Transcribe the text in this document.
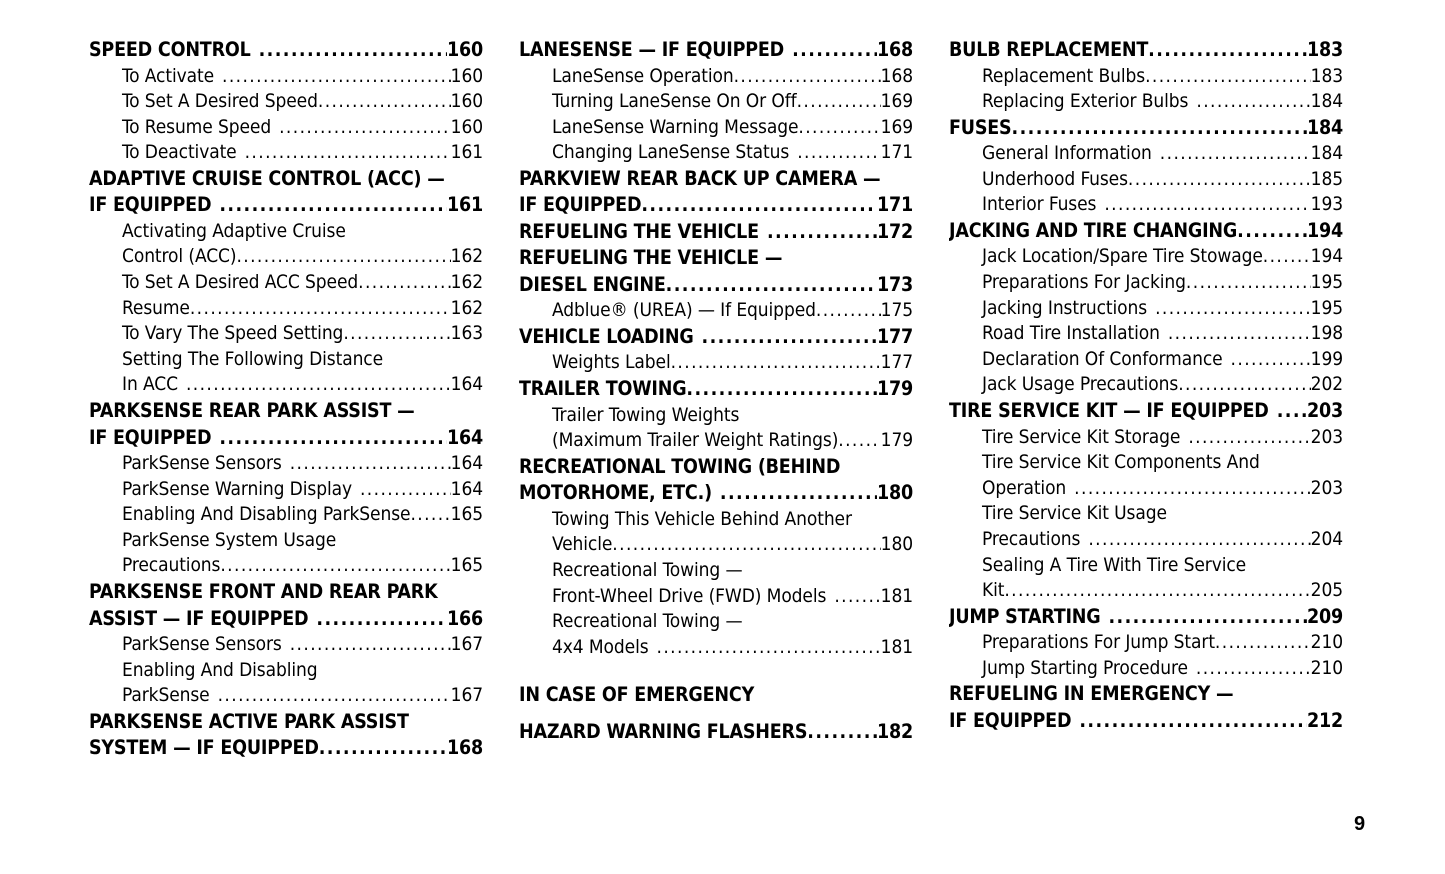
SPEED CONTROL .....	160
To Activate .....	160
To Set A Desired Speed .....	160
To Resume Speed .....	160
To Deactivate .....	161
ADAPTIVE CRUISE CONTROL (ACC) —
IF EQUIPPED .....	161
Activating Adaptive Cruise
Control (ACC) .....	162
To Set A Desired ACC Speed .....	162
Resume .....	162
To Vary The Speed Setting .....	163
Setting The Following Distance
In ACC .....	164
PARKSENSE REAR PARK ASSIST —
IF EQUIPPED .....	164
ParkSense Sensors .....	164
ParkSense Warning Display .....	164
Enabling And Disabling ParkSense ..... 165
ParkSense System Usage
Precautions .....	165
PARKSENSE FRONT AND REAR PARK
ASSIST — IF EQUIPPED .....	166
ParkSense Sensors .....	167
Enabling And Disabling
ParkSense .....	167
PARKSENSE ACTIVE PARK ASSIST
SYSTEM — IF EQUIPPED .....	168
LANESENSE — IF EQUIPPED .....	168
LaneSense Operation .....	168
Turning LaneSense On Or Off .....	169
LaneSense Warning Message .....	169
Changing LaneSense Status .....	171
PARKVIEW REAR BACK UP CAMERA —
IF EQUIPPED .....	171
REFUELING THE VEHICLE .....	172
REFUELING THE VEHICLE —
DIESEL ENGINE .....	173
Adblue® (UREA) — If Equipped .....	175
VEHICLE LOADING .....	177
Weights Label .....	177
TRAILER TOWING .....	179
Trailer Towing Weights
(Maximum Trailer Weight Ratings) ..... 179
RECREATIONAL TOWING (BEHIND
MOTORHOME, ETC.) .....	180
Towing This Vehicle Behind Another
Vehicle .....	180
Recreational Towing —
Front-Wheel Drive (FWD) Models .....	181
Recreational Towing —
4x4 Models .....	181
IN CASE OF EMERGENCY
HAZARD WARNING FLASHERS .....	182
BULB REPLACEMENT .....	183
Replacement Bulbs .....	183
Replacing Exterior Bulbs .....	184
FUSES .....	184
General Information .....	184
Underhood Fuses .....	185
Interior Fuses .....	193
JACKING AND TIRE CHANGING .....	194
Jack Location/Spare Tire Stowage .....	194
Preparations For Jacking .....	195
Jacking Instructions .....	195
Road Tire Installation .....	198
Declaration Of Conformance .....	199
Jack Usage Precautions .....	202
TIRE SERVICE KIT — IF EQUIPPED ..... 203
Tire Service Kit Storage .....	203
Tire Service Kit Components And
Operation .....	203
Tire Service Kit Usage
Precautions .....	204
Sealing A Tire With Tire Service
Kit .....	205
JUMP STARTING .....	209
Preparations For Jump Start .....	210
Jump Starting Procedure .....	210
REFUELING IN EMERGENCY —
IF EQUIPPED .....	212
9
